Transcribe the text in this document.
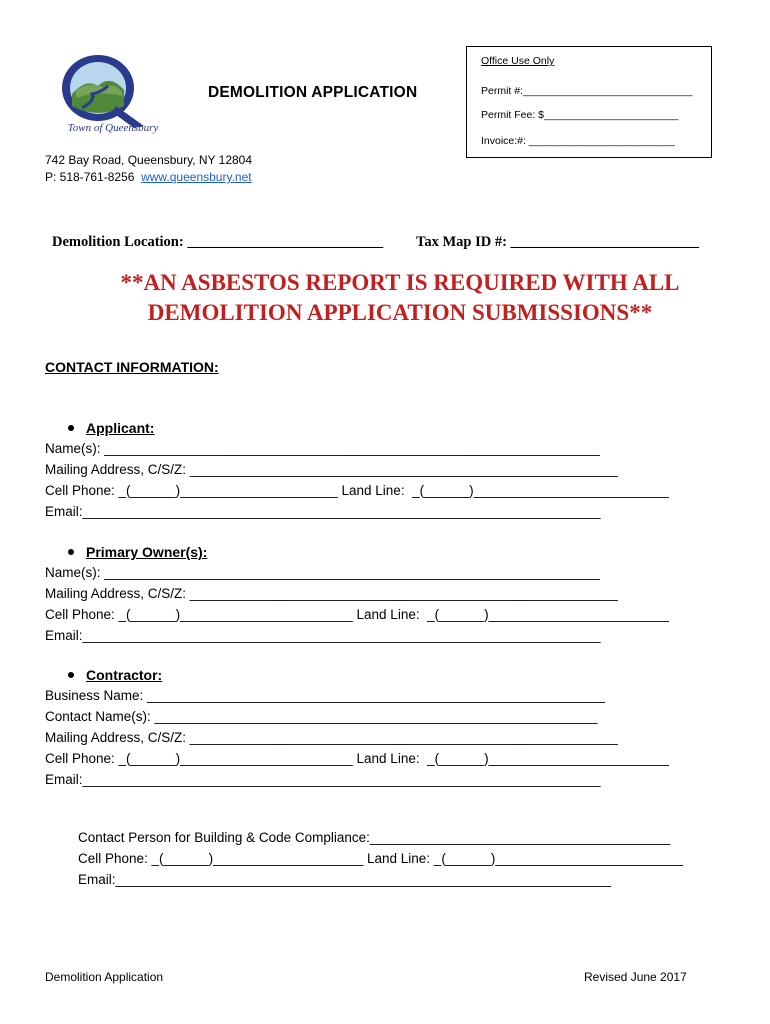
Town of Queensbury
DEMOLITION APPLICATION
Office Use Only
Permit #:_____________________________
Permit Fee: $_______________________
Invoice:#: _________________________
742 Bay Road, Queensbury, NY 12804
P: 518-761-8256 www.queensbury.net
Demolition Location: ___________________________ Tax Map ID #: __________________________
**AN ASBESTOS REPORT IS REQUIRED WITH ALL
DEMOLITION APPLICATION SUBMISSIONS**
CONTACT INFORMATION:
Applicant:
Name(s): __________________________________________________________________
Mailing Address, C/S/Z: _________________________________________________________
Cell Phone: _(______)_____________________ Land Line:  _(______)__________________________
Email:_____________________________________________________________________
Primary Owner(s):
Name(s): __________________________________________________________________
Mailing Address, C/S/Z: _________________________________________________________
Cell Phone: _(______)_______________________ Land Line:  _(______)________________________
Email:_____________________________________________________________________
Contractor:
Business Name: _____________________________________________________________
Contact Name(s): ___________________________________________________________
Mailing Address, C/S/Z: _________________________________________________________
Cell Phone: _(______)_______________________ Land Line:  _(______)________________________
Email:_____________________________________________________________________
Contact Person for Building & Code Compliance:________________________________________
Cell Phone: _(______)____________________ Land Line: _(______)_________________________
Email:__________________________________________________________________
Demolition Application	Revised June 2017
